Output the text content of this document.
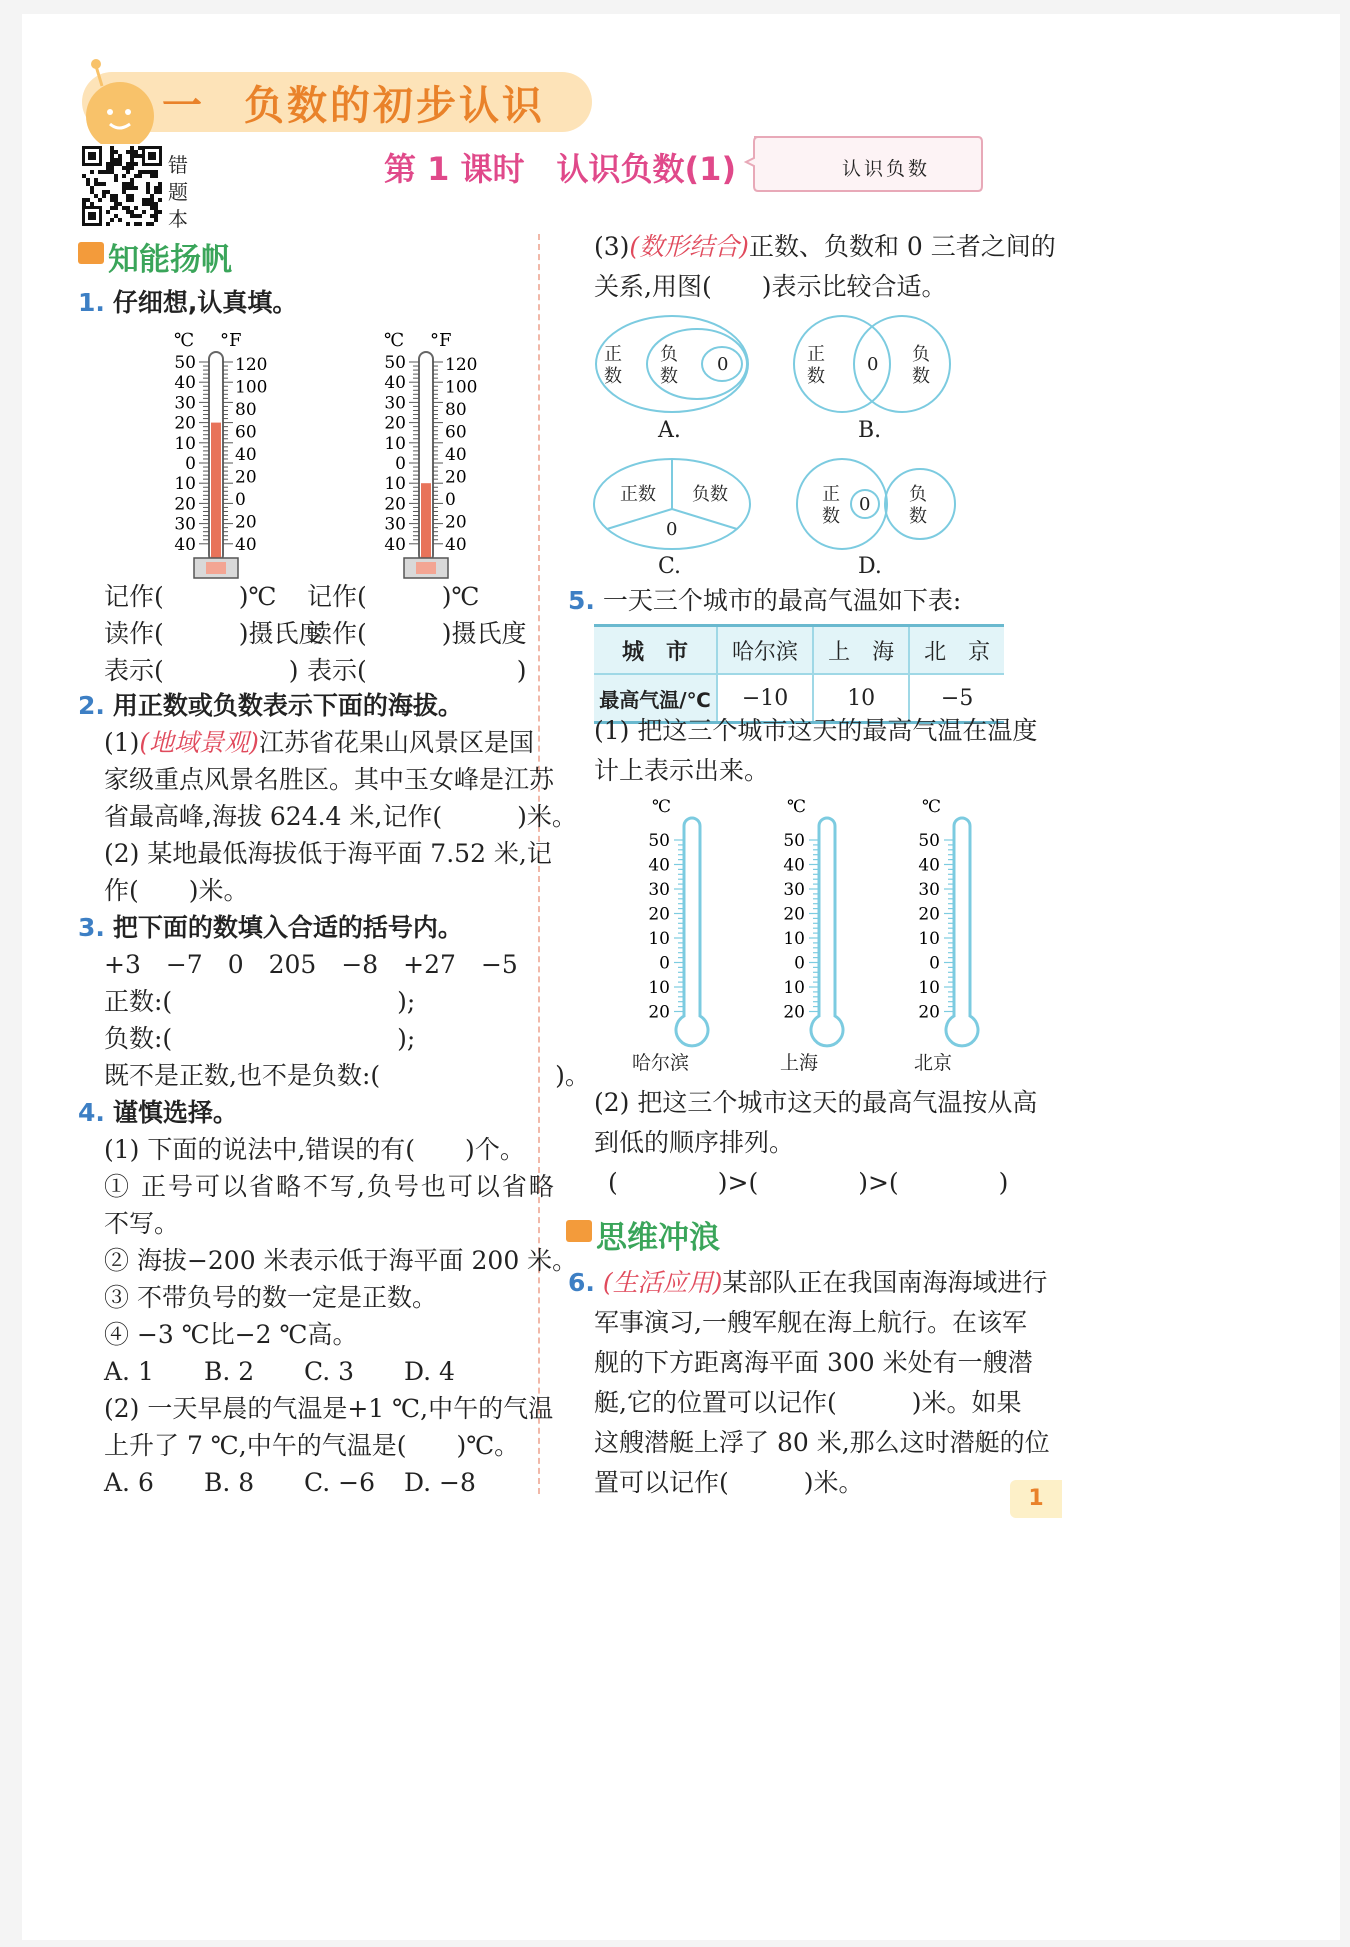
一 负数的初步认识
错
题
本
第 1 课时　认识负数(1)	认识负数
知能扬帆
1. 仔细想,认真填。
℃ °F
50
40
30
20
10
0
10
20
30
40
120
100
80
60
40
20
0
20
40
℃ °F
50
40
30
20
10
0
10
20
30
40
120
100
80
60
40
20
0
20
40
记作(　　　)℃
读作(　　　)摄氏度
表示(　　　　　)
记作(　　　)℃
读作(　　　)摄氏度
表示(　　　　　　)
2. 用正数或负数表示下面的海拔。
(1)(地域景观)江苏省花果山风景区是国
家级重点风景名胜区。其中玉女峰是江苏
省最高峰,海拔 624.4 米,记作(　　　)米。
(2) 某地最低海拔低于海平面 7.52 米,记
作(　　)米。
3. 把下面的数填入合适的括号内。
+3　−7　0　205　−8　+27　−5
正数:(　　　　　　　　　);
负数:(　　　　　　　　　);
既不是正数,也不是负数:(　　　　　　　)。
4. 谨慎选择。
(1) 下面的说法中,错误的有(　　)个。
① 正号可以省略不写,负号也可以省略
不写。
② 海拔−200 米表示低于海平面 200 米。
③ 不带负号的数一定是正数。
④ −3 ℃比−2 ℃高。
A. 1 B. 2 C. 3 D. 4
(2) 一天早晨的气温是+1 ℃,中午的气温
上升了 7 ℃,中午的气温是(　　)℃。
A. 6 B. 8 C. −6 D. −8
(3)(数形结合)正数、负数和 0 三者之间的
关系,用图(　　)表示比较合适。
正数
负数
0
A.
正数
0 负数
B.
正数 负数
0
C.
正数
0 负数
D.
5. 一天三个城市的最高气温如下表:
城　市	哈尔滨	上　海	北　京
最高气温/℃	−10	10	−5
(1) 把这三个城市这天的最高气温在温度
计上表示出来。
℃
50
40
30
20
10
0
10
20
℃
50
40
30
20
10
0
10
20
℃
50
40
30
20
10
0
10
20
哈尔滨	上海	北京
(2) 把这三个城市这天的最高气温按从高
到低的顺序排列。
(　　　　)>(　　　　)>(　　　　)
思维冲浪
6. (生活应用)某部队正在我国南海海域进行
军事演习,一艘军舰在海上航行。在该军
舰的下方距离海平面 300 米处有一艘潜
艇,它的位置可以记作(　　　)米。如果
这艘潜艇上浮了 80 米,那么这时潜艇的位
置可以记作(　　　)米。
1
